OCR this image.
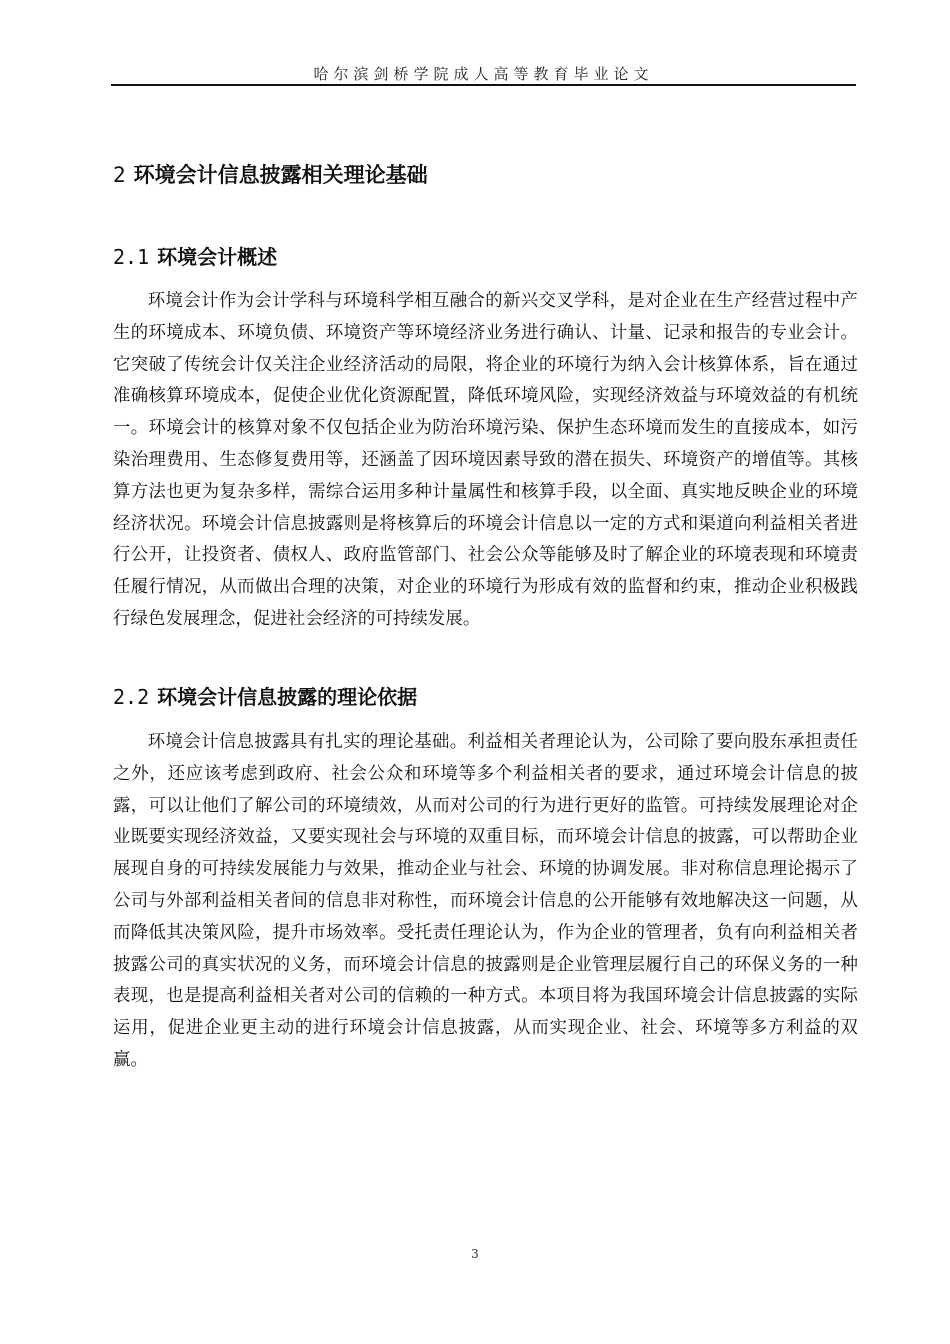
哈尔滨剑桥学院成人高等教育毕业论文
2 环境会计信息披露相关理论基础
2.1 环境会计概述

环境会计作为会计学科与环境科学相互融合的新兴交叉学科，是对企业在生产经营过程中产生的环境成本、环境负债、环境资产等环境经济业务进行确认、计量、记录和报告的专业会计。它突破了传统会计仅关注企业经济活动的局限，将企业的环境行为纳入会计核算体系，旨在通过准确核算环境成本，促使企业优化资源配置，降低环境风险，实现经济效益与环境效益的有机统一。环境会计的核算对象不仅包括企业为防治环境污染、保护生态环境而发生的直接成本，如污染治理费用、生态修复费用等，还涵盖了因环境因素导致的潜在损失、环境资产的增值等。其核算方法也更为复杂多样，需综合运用多种计量属性和核算手段，以全面、真实地反映企业的环境经济状况。环境会计信息披露则是将核算后的环境会计信息以一定的方式和渠道向利益相关者进行公开，让投资者、债权人、政府监管部门、社会公众等能够及时了解企业的环境表现和环境责任履行情况，从而做出合理的决策，对企业的环境行为形成有效的监督和约束，推动企业积极践行绿色发展理念，促进社会经济的可持续发展。

2.2 环境会计信息披露的理论依据

环境会计信息披露具有扎实的理论基础。利益相关者理论认为，公司除了要向股东承担责任之外，还应该考虑到政府、社会公众和环境等多个利益相关者的要求，通过环境会计信息的披露，可以让他们了解公司的环境绩效，从而对公司的行为进行更好的监管。可持续发展理论对企业既要实现经济效益，又要实现社会与环境的双重目标，而环境会计信息的披露，可以帮助企业展现自身的可持续发展能力与效果，推动企业与社会、环境的协调发展。非对称信息理论揭示了公司与外部利益相关者间的信息非对称性，而环境会计信息的公开能够有效地解决这一问题，从而降低其决策风险，提升市场效率。受托责任理论认为，作为企业的管理者，负有向利益相关者披露公司的真实状况的义务，而环境会计信息的披露则是企业管理层履行自己的环保义务的一种表现，也是提高利益相关者对公司的信赖的一种方式。本项目将为我国环境会计信息披露的实际运用，促进企业更主动的进行环境会计信息披露，从而实现企业、社会、环境等多方利益的双赢。

3
